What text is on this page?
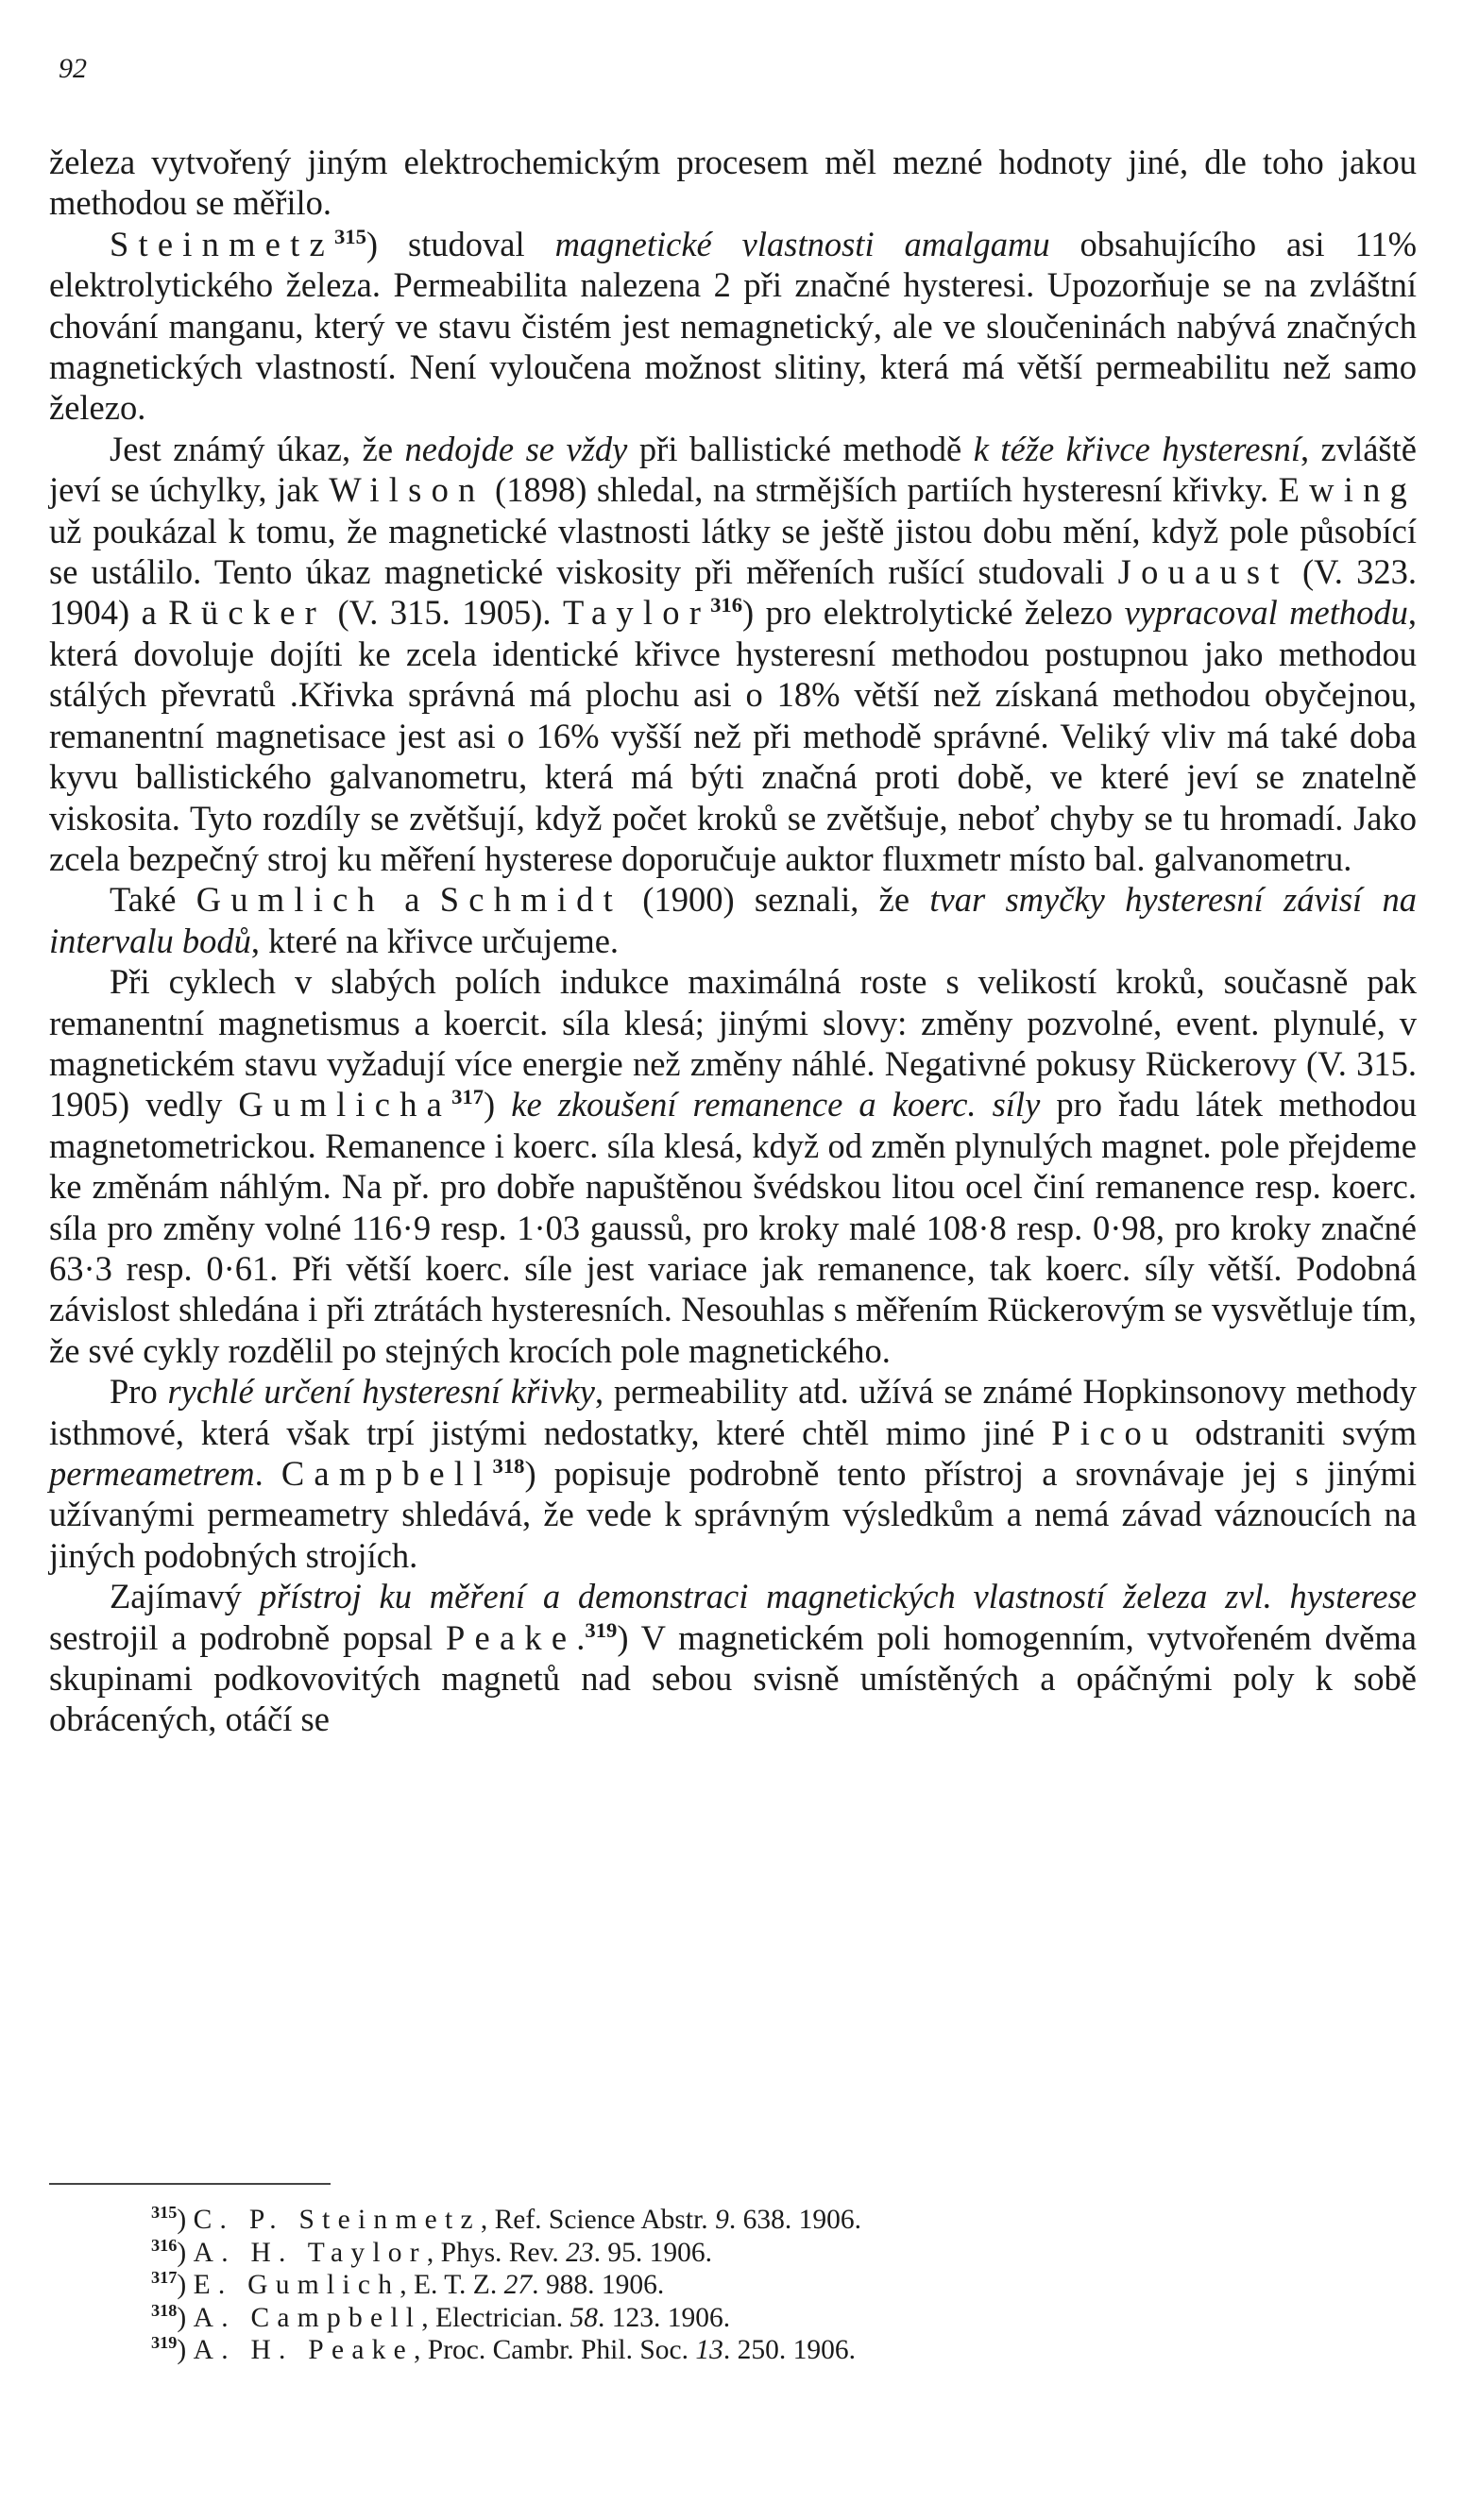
92

železa vytvořený jiným elektrochemickým procesem měl mezné hodnoty jiné, dle toho jakou methodou se měřilo.

Steinmetz$^{315}$) studoval magnetické vlastnosti amalgamu obsahujícího asi 11% elektrolytického železa. Permeabilita nalezena 2 při značné hysteresi. Upozorňuje se na zvláštní chování manganu, který ve stavu čistém jest nemagnetický, ale ve sloučeninách nabývá značných magnetických vlastností. Není vyloučena možnost slitiny, která má větší permeabilitu než samo železo.

Jest známý úkaz, že nedojde se vždy při ballistické methodě k téže křivce hysteresní, zvláště jeví se úchylky, jak Wilson (1898) shledal, na strmějších partiích hysteresní křivky. Ewing už poukázal k tomu, že magnetické vlastnosti látky se ještě jistou dobu mění, když pole působící se ustálilo. Tento úkaz magnetické viskosity při měřeních rušící studovali Jouaust (V. 323. 1904) a Rücker (V. 315. 1905). Taylor$^{316}$) pro elektrolytické železo vypracoval methodu, která dovoluje dojíti ke zcela identické křivce hysteresní methodou postupnou jako methodou stálých převratů .Křivka správná má plochu asi o 18% větší než získaná methodou obyčejnou, remanentní magnetisace jest asi o 16% vyšší než při methodě správné. Veliký vliv má také doba kyvu ballistického galvanometru, která má býti značná proti době, ve které jeví se znatelně viskosita. Tyto rozdíly se zvětšují, když počet kroků se zvětšuje, neboť chyby se tu hromadí. Jako zcela bezpečný stroj ku měření hysterese doporučuje auktor fluxmetr místo bal. galvanometru.

Také Gumlich a Schmidt (1900) seznali, že tvar smyčky hysteresní závisí na intervalu bodů, které na křivce určujeme.

Při cyklech v slabých polích indukce maximálná roste s velikostí kroků, současně pak remanentní magnetismus a koercit. síla klesá; jinými slovy: změny pozvolné, event. plynulé, v magnetickém stavu vyžadují více energie než změny náhlé. Negativné pokusy Rückerovy (V. 315. 1905) vedly Gumlicha$^{317}$) ke zkoušení remanence a koerc. síly pro řadu látek methodou magnetometrickou. Remanence i koerc. síla klesá, když od změn plynulých magnet. pole přejdeme ke změnám náhlým. Na př. pro dobře napuštěnou švédskou litou ocel činí remanence resp. koerc. síla pro změny volné 116·9 resp. 1·03 gaussů, pro kroky malé 108·8 resp. 0·98, pro kroky značné 63·3 resp. 0·61. Při větší koerc. síle jest variace jak remanence, tak koerc. síly větší. Podobná závislost shledána i při ztrátách hysteresních. Nesouhlas s měřením Rückerovým se vysvětluje tím, že své cykly rozdělil po stejných krocích pole magnetického.

Pro rychlé určení hysteresní křivky, permeability atd. užívá se známé Hopkinsonovy methody isthmové, která však trpí jistými nedostatky, které chtěl mimo jiné Picou odstraniti svým permeametrem. Campbell$^{318}$) popisuje podrobně tento přístroj a srovnávaje jej s jinými užívanými permeametry shledává, že vede k správným výsledkům a nemá závad váznoucích na jiných podobných strojích.

Zajímavý přístroj ku měření a demonstraci magnetických vlastností železa zvl. hysterese sestrojil a podrobně popsal Peake.$^{319}$) V magnetickém poli homogenním, vytvořeném dvěma skupinami podkovovitých magnetů nad sebou svisně umístěných a opáčnými poly k sobě obrácených, otáčí se

$^{315}$) C. P. Steinmetz, Ref. Science Abstr. 9. 638. 1906.
$^{316}$) A. H. Taylor, Phys. Rev. 23. 95. 1906.
$^{317}$) E. Gumlich, E. T. Z. 27. 988. 1906.
$^{318}$) A. Campbell, Electrician. 58. 123. 1906.
$^{319}$) A. H. Peake, Proc. Cambr. Phil. Soc. 13. 250. 1906.
